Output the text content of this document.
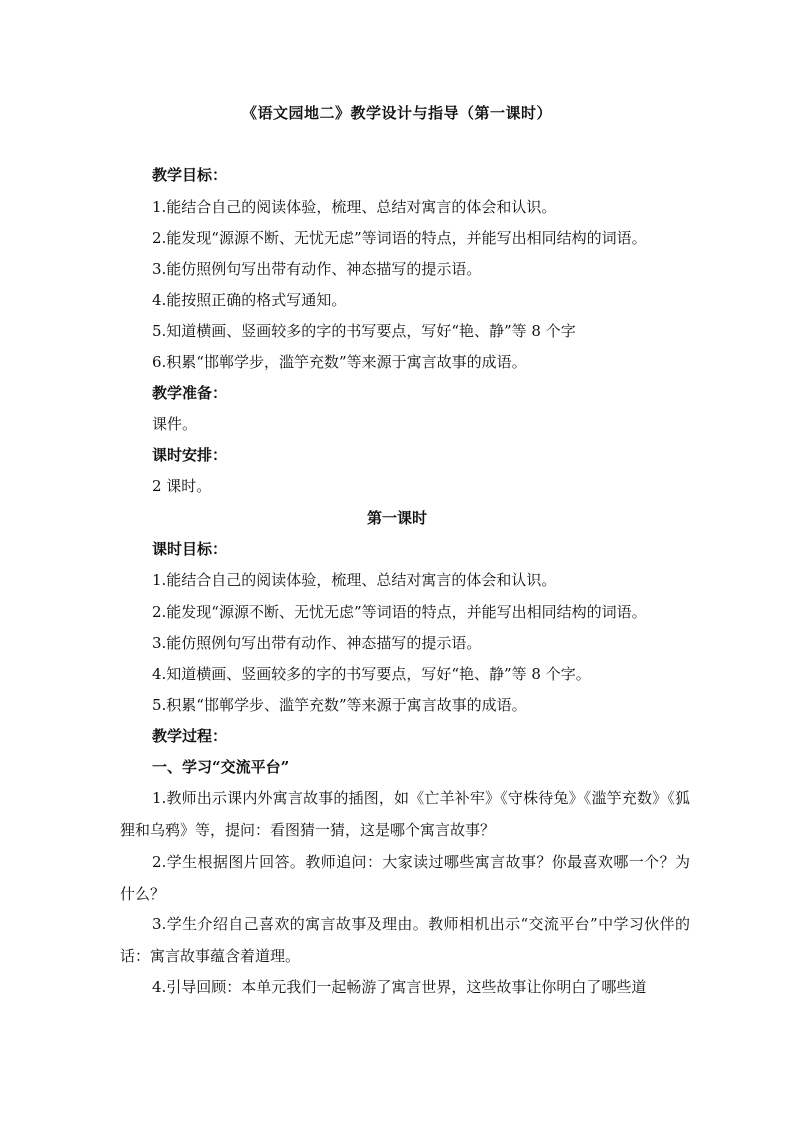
《语文园地二》教学设计与指导（第一课时）
教学目标：
1.能结合自己的阅读体验，梳理、总结对寓言的体会和认识。
2.能发现“源源不断、无忧无虑”等词语的特点，并能写出相同结构的词语。
3.能仿照例句写出带有动作、神态描写的提示语。
4.能按照正确的格式写通知。
5.知道横画、竖画较多的字的书写要点，写好“艳、静”等 8 个字
6.积累“邯郸学步，滥竽充数”等来源于寓言故事的成语。
教学准备：
课件。
课时安排：
2 课时。
第一课时
课时目标：
1.能结合自己的阅读体验，梳理、总结对寓言的体会和认识。
2.能发现“源源不断、无忧无虑”等词语的特点，并能写出相同结构的词语。
3.能仿照例句写出带有动作、神态描写的提示语。
4.知道横画、竖画较多的字的书写要点，写好“艳、静”等 8 个字。
5.积累“邯郸学步、滥竽充数”等来源于寓言故事的成语。
教学过程：
一、学习“交流平台”
1.教师出示课内外寓言故事的插图，如《亡羊补牢》《守株待兔》《滥竽充数》《狐狸和乌鸦》等，提问：看图猜一猜，这是哪个寓言故事？
2.学生根据图片回答。教师追问：大家读过哪些寓言故事？你最喜欢哪一个？为什么？
3.学生介绍自己喜欢的寓言故事及理由。教师相机出示“交流平台”中学习伙伴的话：寓言故事蕴含着道理。
4.引导回顾：本单元我们一起畅游了寓言世界，这些故事让你明白了哪些道
